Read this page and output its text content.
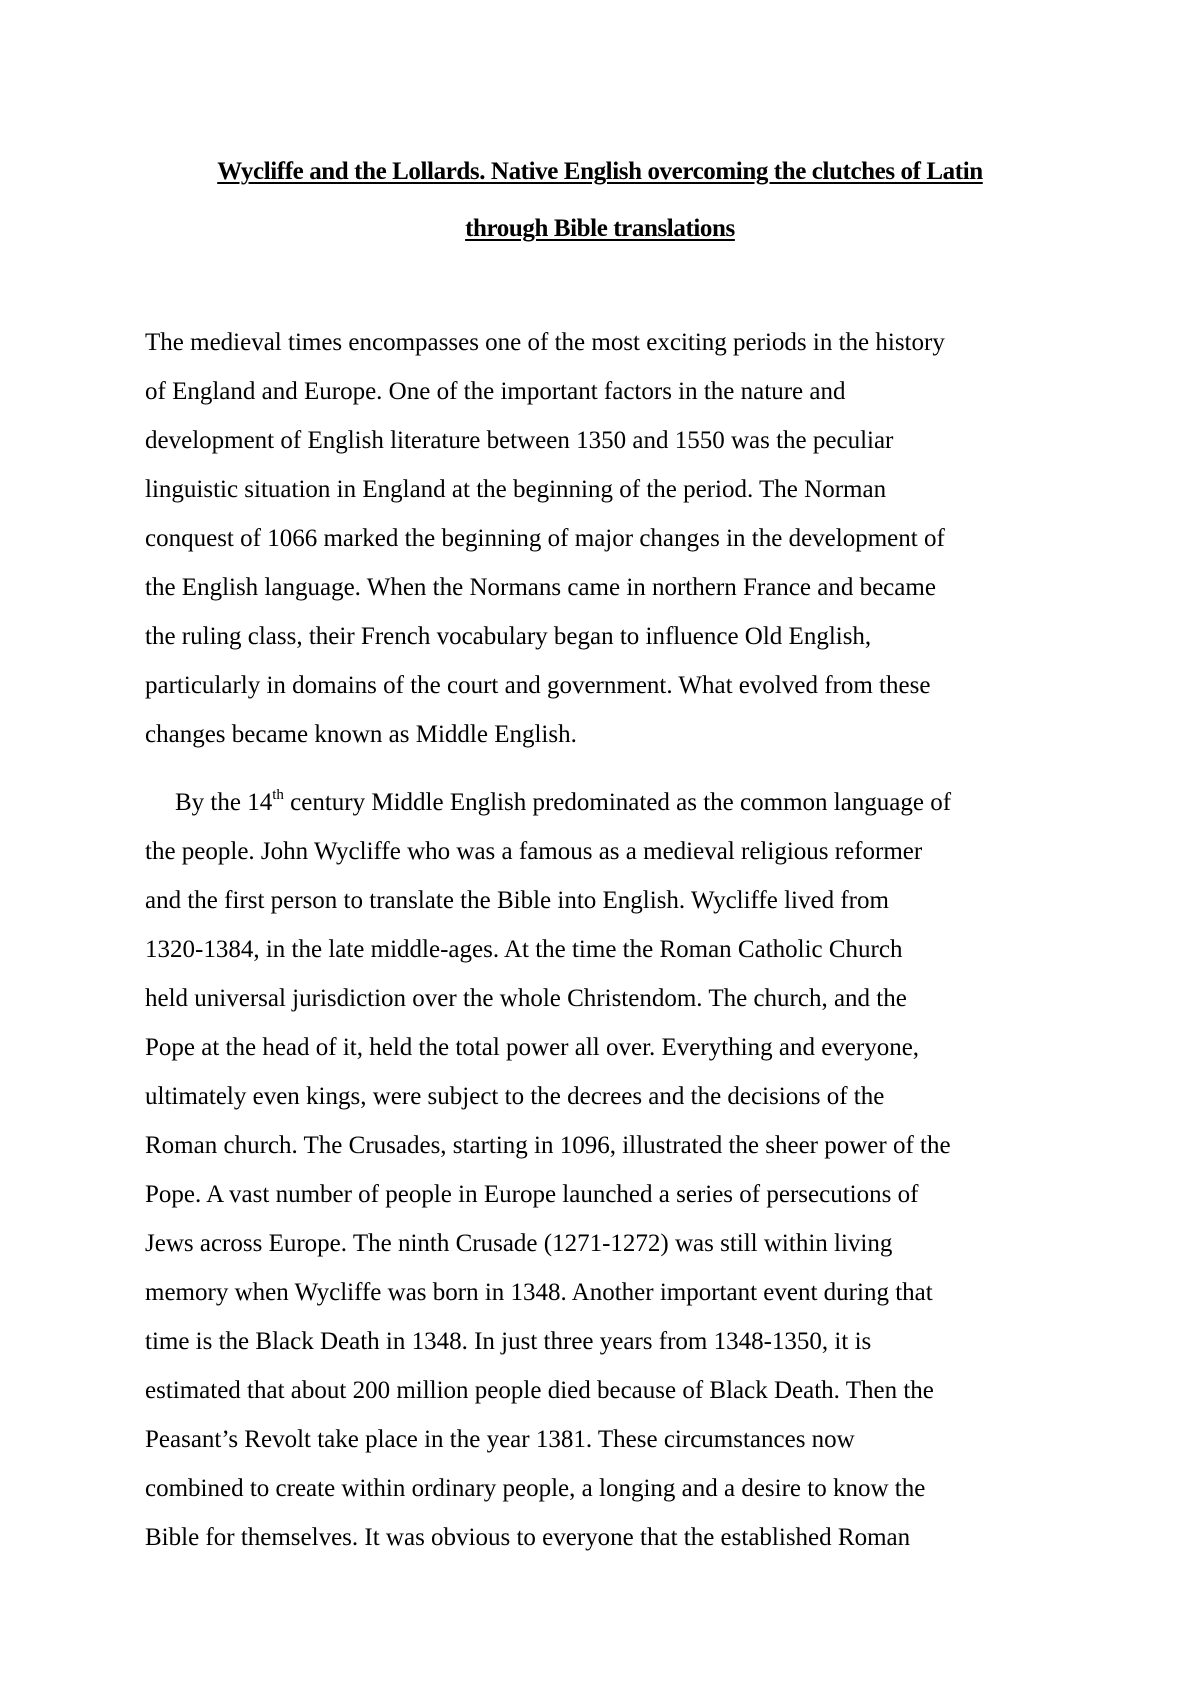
Wycliffe and the Lollards. Native English overcoming the clutches of Latin
through Bible translations
The medieval times encompasses one of the most exciting periods in the history
of England and Europe. One of the important factors in the nature and
development of English literature between 1350 and 1550 was the peculiar
linguistic situation in England at the beginning of the period. The Norman
conquest of 1066 marked the beginning of major changes in the development of
the English language. When the Normans came in northern France and became
the ruling class, their French vocabulary began to influence Old English,
particularly in domains of the court and government. What evolved from these
changes became known as Middle English.
By the 14th century Middle English predominated as the common language of
the people. John Wycliffe who was a famous as a medieval religious reformer
and the first person to translate the Bible into English. Wycliffe lived from
1320-1384, in the late middle-ages. At the time the Roman Catholic Church
held universal jurisdiction over the whole Christendom. The church, and the
Pope at the head of it, held the total power all over. Everything and everyone,
ultimately even kings, were subject to the decrees and the decisions of the
Roman church. The Crusades, starting in 1096, illustrated the sheer power of the
Pope. A vast number of people in Europe launched a series of persecutions of
Jews across Europe. The ninth Crusade (1271-1272) was still within living
memory when Wycliffe was born in 1348. Another important event during that
time is the Black Death in 1348. In just three years from 1348-1350, it is
estimated that about 200 million people died because of Black Death. Then the
Peasant’s Revolt take place in the year 1381. These circumstances now
combined to create within ordinary people, a longing and a desire to know the
Bible for themselves. It was obvious to everyone that the established Roman
